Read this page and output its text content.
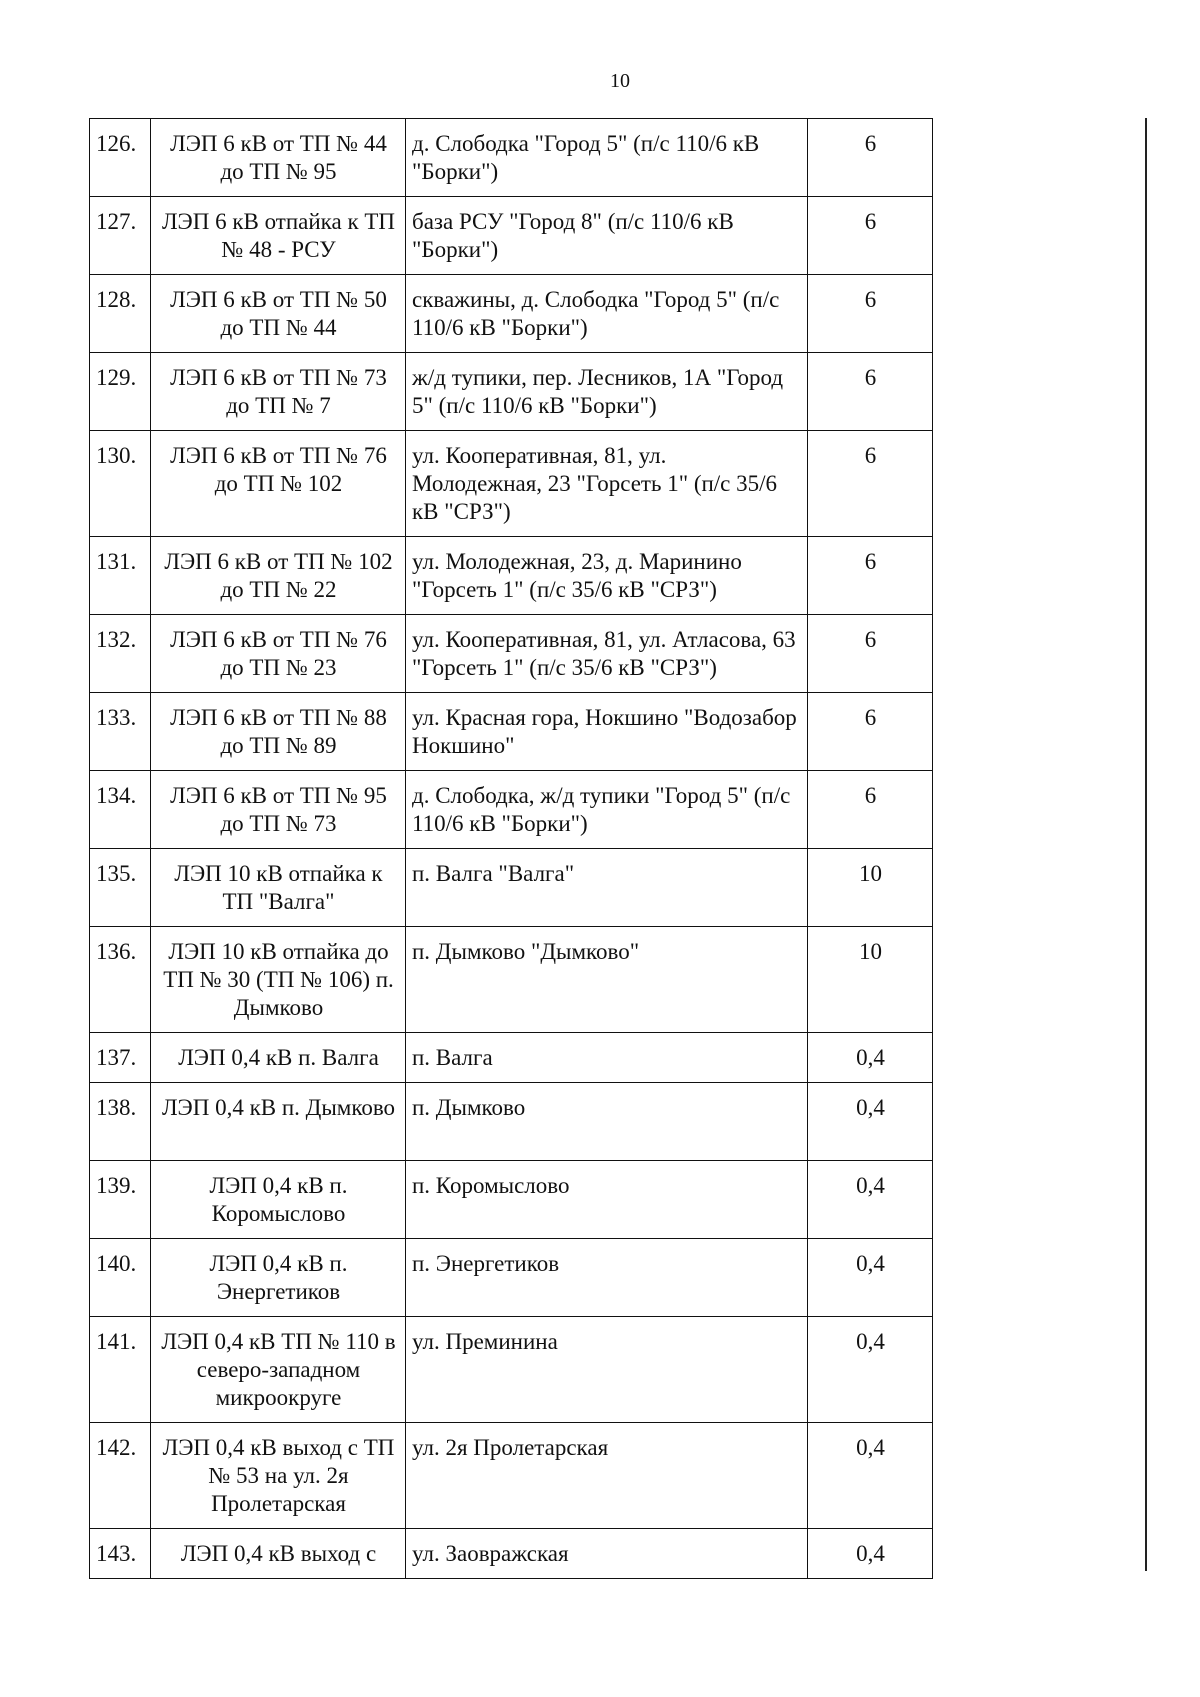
10
126.	ЛЭП 6 кВ от ТП № 44 до ТП № 95	д. Слободка "Город 5" (п/с 110/6 кВ "Борки")	6
127.	ЛЭП 6 кВ отпайка к ТП № 48 - РСУ	база РСУ "Город 8" (п/с 110/6 кВ "Борки")	6
128.	ЛЭП 6 кВ от ТП № 50 до ТП № 44	скважины, д. Слободка "Город 5" (п/с 110/6 кВ "Борки")	6
129.	ЛЭП 6 кВ от ТП № 73 до ТП № 7	ж/д тупики, пер. Лесников, 1А "Город 5" (п/с 110/6 кВ "Борки")	6
130.	ЛЭП 6 кВ от ТП № 76 до ТП № 102	ул. Кооперативная, 81, ул. Молодежная, 23 "Горсеть 1" (п/с 35/6 кВ "СРЗ")	6
131.	ЛЭП 6 кВ от ТП № 102 до ТП № 22	ул. Молодежная, 23, д. Маринино "Горсеть 1" (п/с 35/6 кВ "СРЗ")	6
132.	ЛЭП 6 кВ от ТП № 76 до ТП № 23	ул. Кооперативная, 81, ул. Атласова, 63 "Горсеть 1" (п/с 35/6 кВ "СРЗ")	6
133.	ЛЭП 6 кВ от ТП № 88 до ТП № 89	ул. Красная гора, Нокшино "Водозабор Нокшино"	6
134.	ЛЭП 6 кВ от ТП № 95 до ТП № 73	д. Слободка, ж/д тупики "Город 5" (п/с 110/6 кВ "Борки")	6
135.	ЛЭП 10 кВ отпайка к ТП "Валга"	п. Валга "Валга"	10
136.	ЛЭП 10 кВ отпайка до ТП № 30 (ТП № 106) п. Дымково	п. Дымково "Дымково"	10
137.	ЛЭП 0,4 кВ п. Валга	п. Валга	0,4
138.	ЛЭП 0,4 кВ п. Дымково	п. Дымково	0,4
139.	ЛЭП 0,4 кВ п. Коромыслово	п. Коромыслово	0,4
140.	ЛЭП 0,4 кВ п. Энергетиков	п. Энергетиков	0,4
141.	ЛЭП 0,4 кВ ТП № 110 в северо-западном микроокруге	ул. Преминина	0,4
142.	ЛЭП 0,4 кВ выход с ТП № 53 на ул. 2я Пролетарская	ул. 2я Пролетарская	0,4
143.	ЛЭП 0,4 кВ выход с	ул. Заовражская	0,4
